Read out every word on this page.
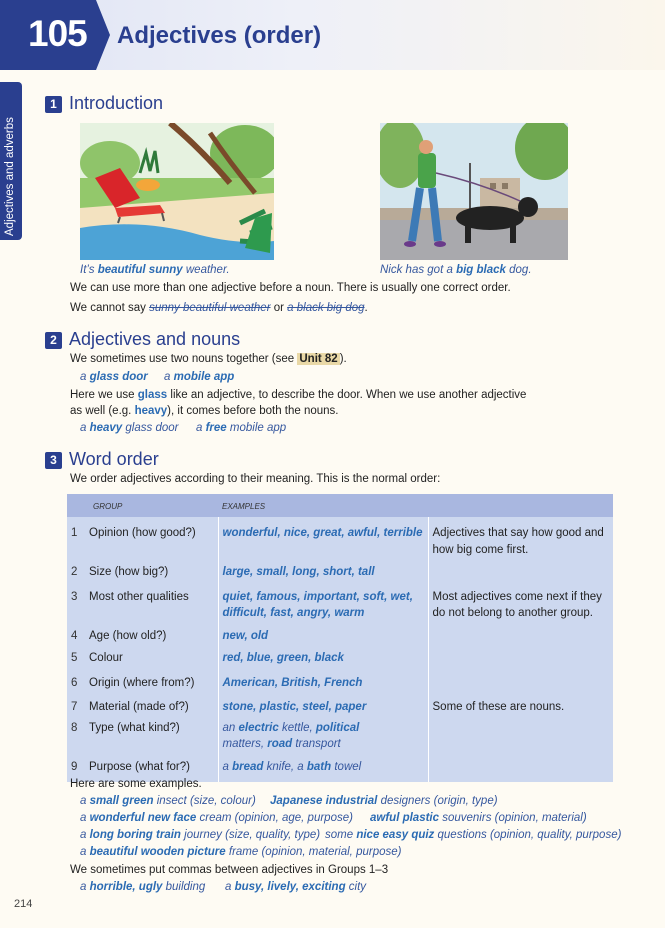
105 Adjectives (order)
Adjectives and adverbs
1 Introduction
It’s beautiful sunny weather.	Nick has got a big black dog.
We can use more than one adjective before a noun. There is usually one correct order.
We cannot say sunny beautiful weather or a black big dog.
2 Adjectives and nouns
We sometimes use two nouns together (see Unit 82 ).
a glass door a mobile app
Here we use glass like an adjective, to describe the door. When we use another adjective
as well (e.g. heavy), it comes before both the nouns.
a heavy glass door a free mobile app
3 Word order
We order adjectives according to their meaning. This is the normal order:
GROUP	EXAMPLES	
1 Opinion (how good?)	wonderful, nice, great, awful, terrible	Adjectives that say how good and
how big come first.
2 Size (how big?)	large, small, long, short, tall	
3 Most other qualities	quiet, famous, important, soft, wet,
difficult, fast, angry, warm	Most adjectives come next if they
do not belong to another group.
4 Age (how old?)	new, old	
5 Colour	red, blue, green, black	
6 Origin (where from?)	American, British, French	
7 Material (made of?)	stone, plastic, steel, paper	Some of these are nouns.
8 Type (what kind?)	an electric kettle, political
matters, road transport	
9 Purpose (what for?)	a bread knife, a bath towel	
Here are some examples.
a small green insect (size, colour) Japanese industrial designers (origin, type)
a wonderful new face cream (opinion, age, purpose) awful plastic souvenirs (opinion, material)
a long boring train journey (size, quality, type) some nice easy quiz questions (opinion, quality, purpose)
a beautiful wooden picture frame (opinion, material, purpose)
We sometimes put commas between adjectives in Groups 1–3
a horrible, ugly building a busy, lively, exciting city
214
